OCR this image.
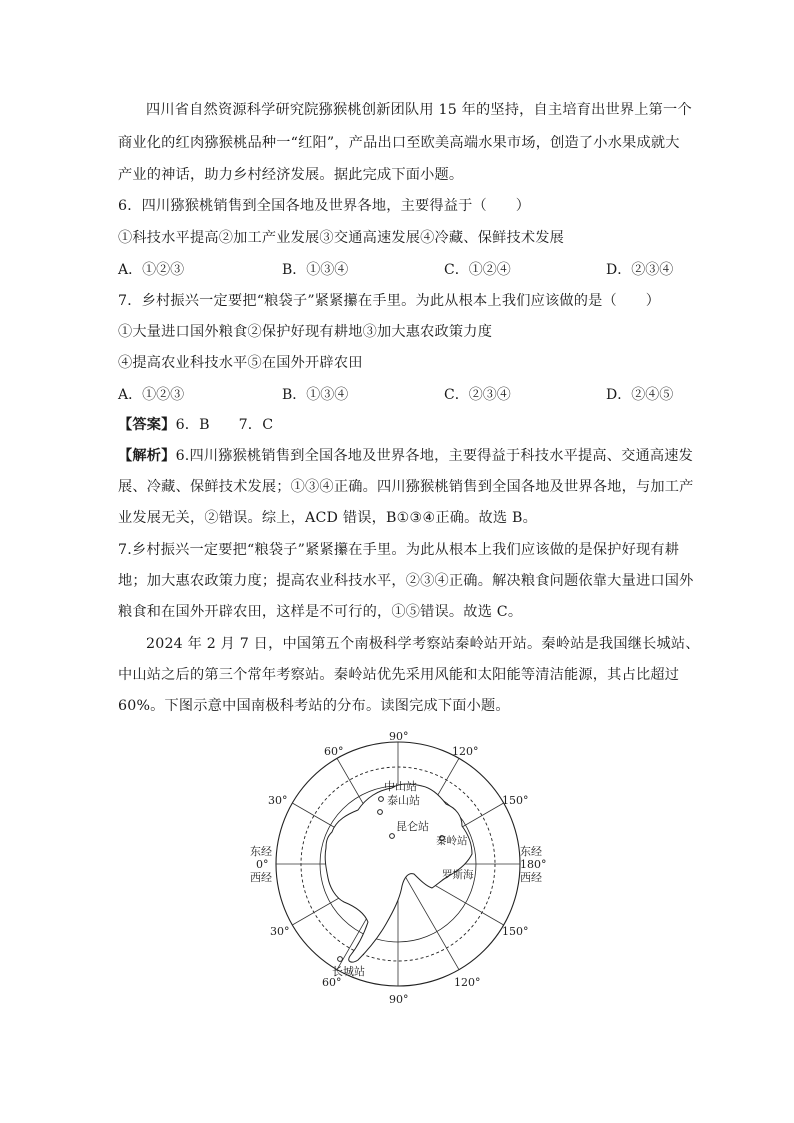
四川省自然资源科学研究院猕猴桃创新团队用 15 年的坚持，自主培育出世界上第一个
商业化的红肉猕猴桃品种一“红阳”，产品出口至欧美高端水果市场，创造了小水果成就大
产业的神话，助力乡村经济发展。据此完成下面小题。
6．四川猕猴桃销售到全国各地及世界各地，主要得益于（　　）
①科技水平提高②加工产业发展③交通高速发展④冷藏、保鲜技术发展
A．①②③	B．①③④	C．①②④	D．②③④
7．乡村振兴一定要把“粮袋子”紧紧攥在手里。为此从根本上我们应该做的是（　　）
①大量进口国外粮食②保护好现有耕地③加大惠农政策力度
④提高农业科技水平⑤在国外开辟农田
A．①②③	B．①③④	C．②③④	D．②④⑤
【答案】6．B　　7．C
【解析】6.四川猕猴桃销售到全国各地及世界各地，主要得益于科技水平提高、交通高速发
展、冷藏、保鲜技术发展；①③④正确。四川猕猴桃销售到全国各地及世界各地，与加工产
业发展无关，②错误。综上，ACD 错误，B①③④正确。故选 B。
7.乡村振兴一定要把“粮袋子”紧紧攥在手里。为此从根本上我们应该做的是保护好现有耕
地；加大惠农政策力度；提高农业科技水平，②③④正确。解决粮食问题依靠大量进口国外
粮食和在国外开辟农田，这样是不可行的，①⑤错误。故选 C。
2024 年 2 月 7 日，中国第五个南极科学考察站秦岭站开站。秦岭站是我国继长城站、
中山站之后的第三个常年考察站。秦岭站优先采用风能和太阳能等清洁能源，其占比超过
60%。下图示意中国南极科考站的分布。读图完成下面小题。
中山站
泰山站
昆仑站
秦岭站
长城站
罗斯海
90°
60°	120°
30°	150°
东经
0°
西经
东经
180°
西经
30°	150°
60°
90°
120°
